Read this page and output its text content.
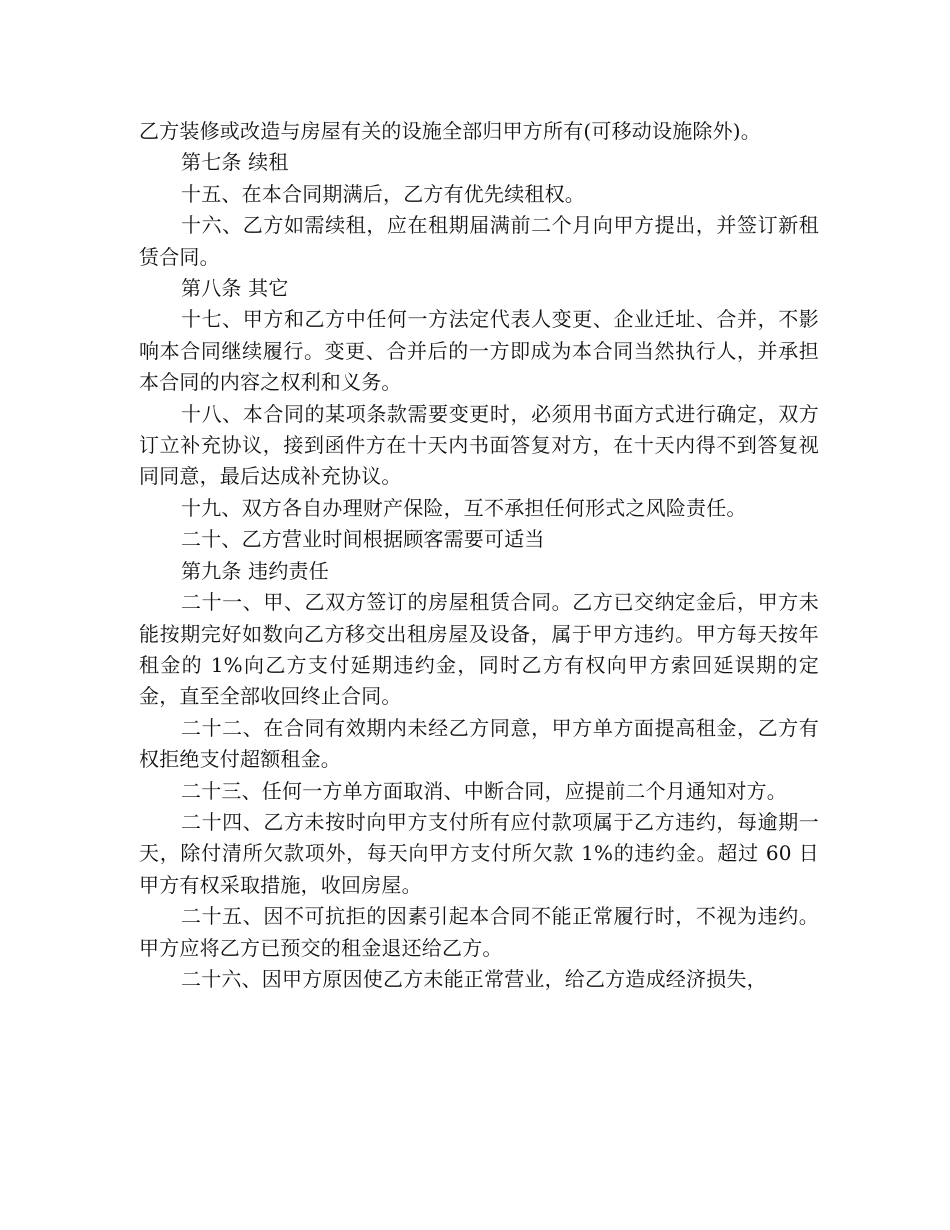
乙方装修或改造与房屋有关的设施全部归甲方所有(可移动设施除外)。

第七条 续租

十五、在本合同期满后，乙方有优先续租权。

十六、乙方如需续租，应在租期届满前二个月向甲方提出，并签订新租赁合同。

第八条 其它

十七、甲方和乙方中任何一方法定代表人变更、企业迁址、合并，不影响本合同继续履行。变更、合并后的一方即成为本合同当然执行人，并承担本合同的内容之权利和义务。

十八、本合同的某项条款需要变更时，必须用书面方式进行确定，双方订立补充协议，接到函件方在十天内书面答复对方，在十天内得不到答复视同同意，最后达成补充协议。

十九、双方各自办理财产保险，互不承担任何形式之风险责任。

二十、乙方营业时间根据顾客需要可适当

第九条 违约责任

二十一、甲、乙双方签订的房屋租赁合同。乙方已交纳定金后，甲方未能按期完好如数向乙方移交出租房屋及设备，属于甲方违约。甲方每天按年租金的 1%向乙方支付延期违约金，同时乙方有权向甲方索回延误期的定金，直至全部收回终止合同。

二十二、在合同有效期内未经乙方同意，甲方单方面提高租金，乙方有权拒绝支付超额租金。

二十三、任何一方单方面取消、中断合同，应提前二个月通知对方。

二十四、乙方未按时向甲方支付所有应付款项属于乙方违约，每逾期一天，除付清所欠款项外，每天向甲方支付所欠款 1%的违约金。超过 60 日甲方有权采取措施，收回房屋。

二十五、因不可抗拒的因素引起本合同不能正常履行时，不视为违约。甲方应将乙方已预交的租金退还给乙方。

二十六、因甲方原因使乙方未能正常营业，给乙方造成经济损失，
